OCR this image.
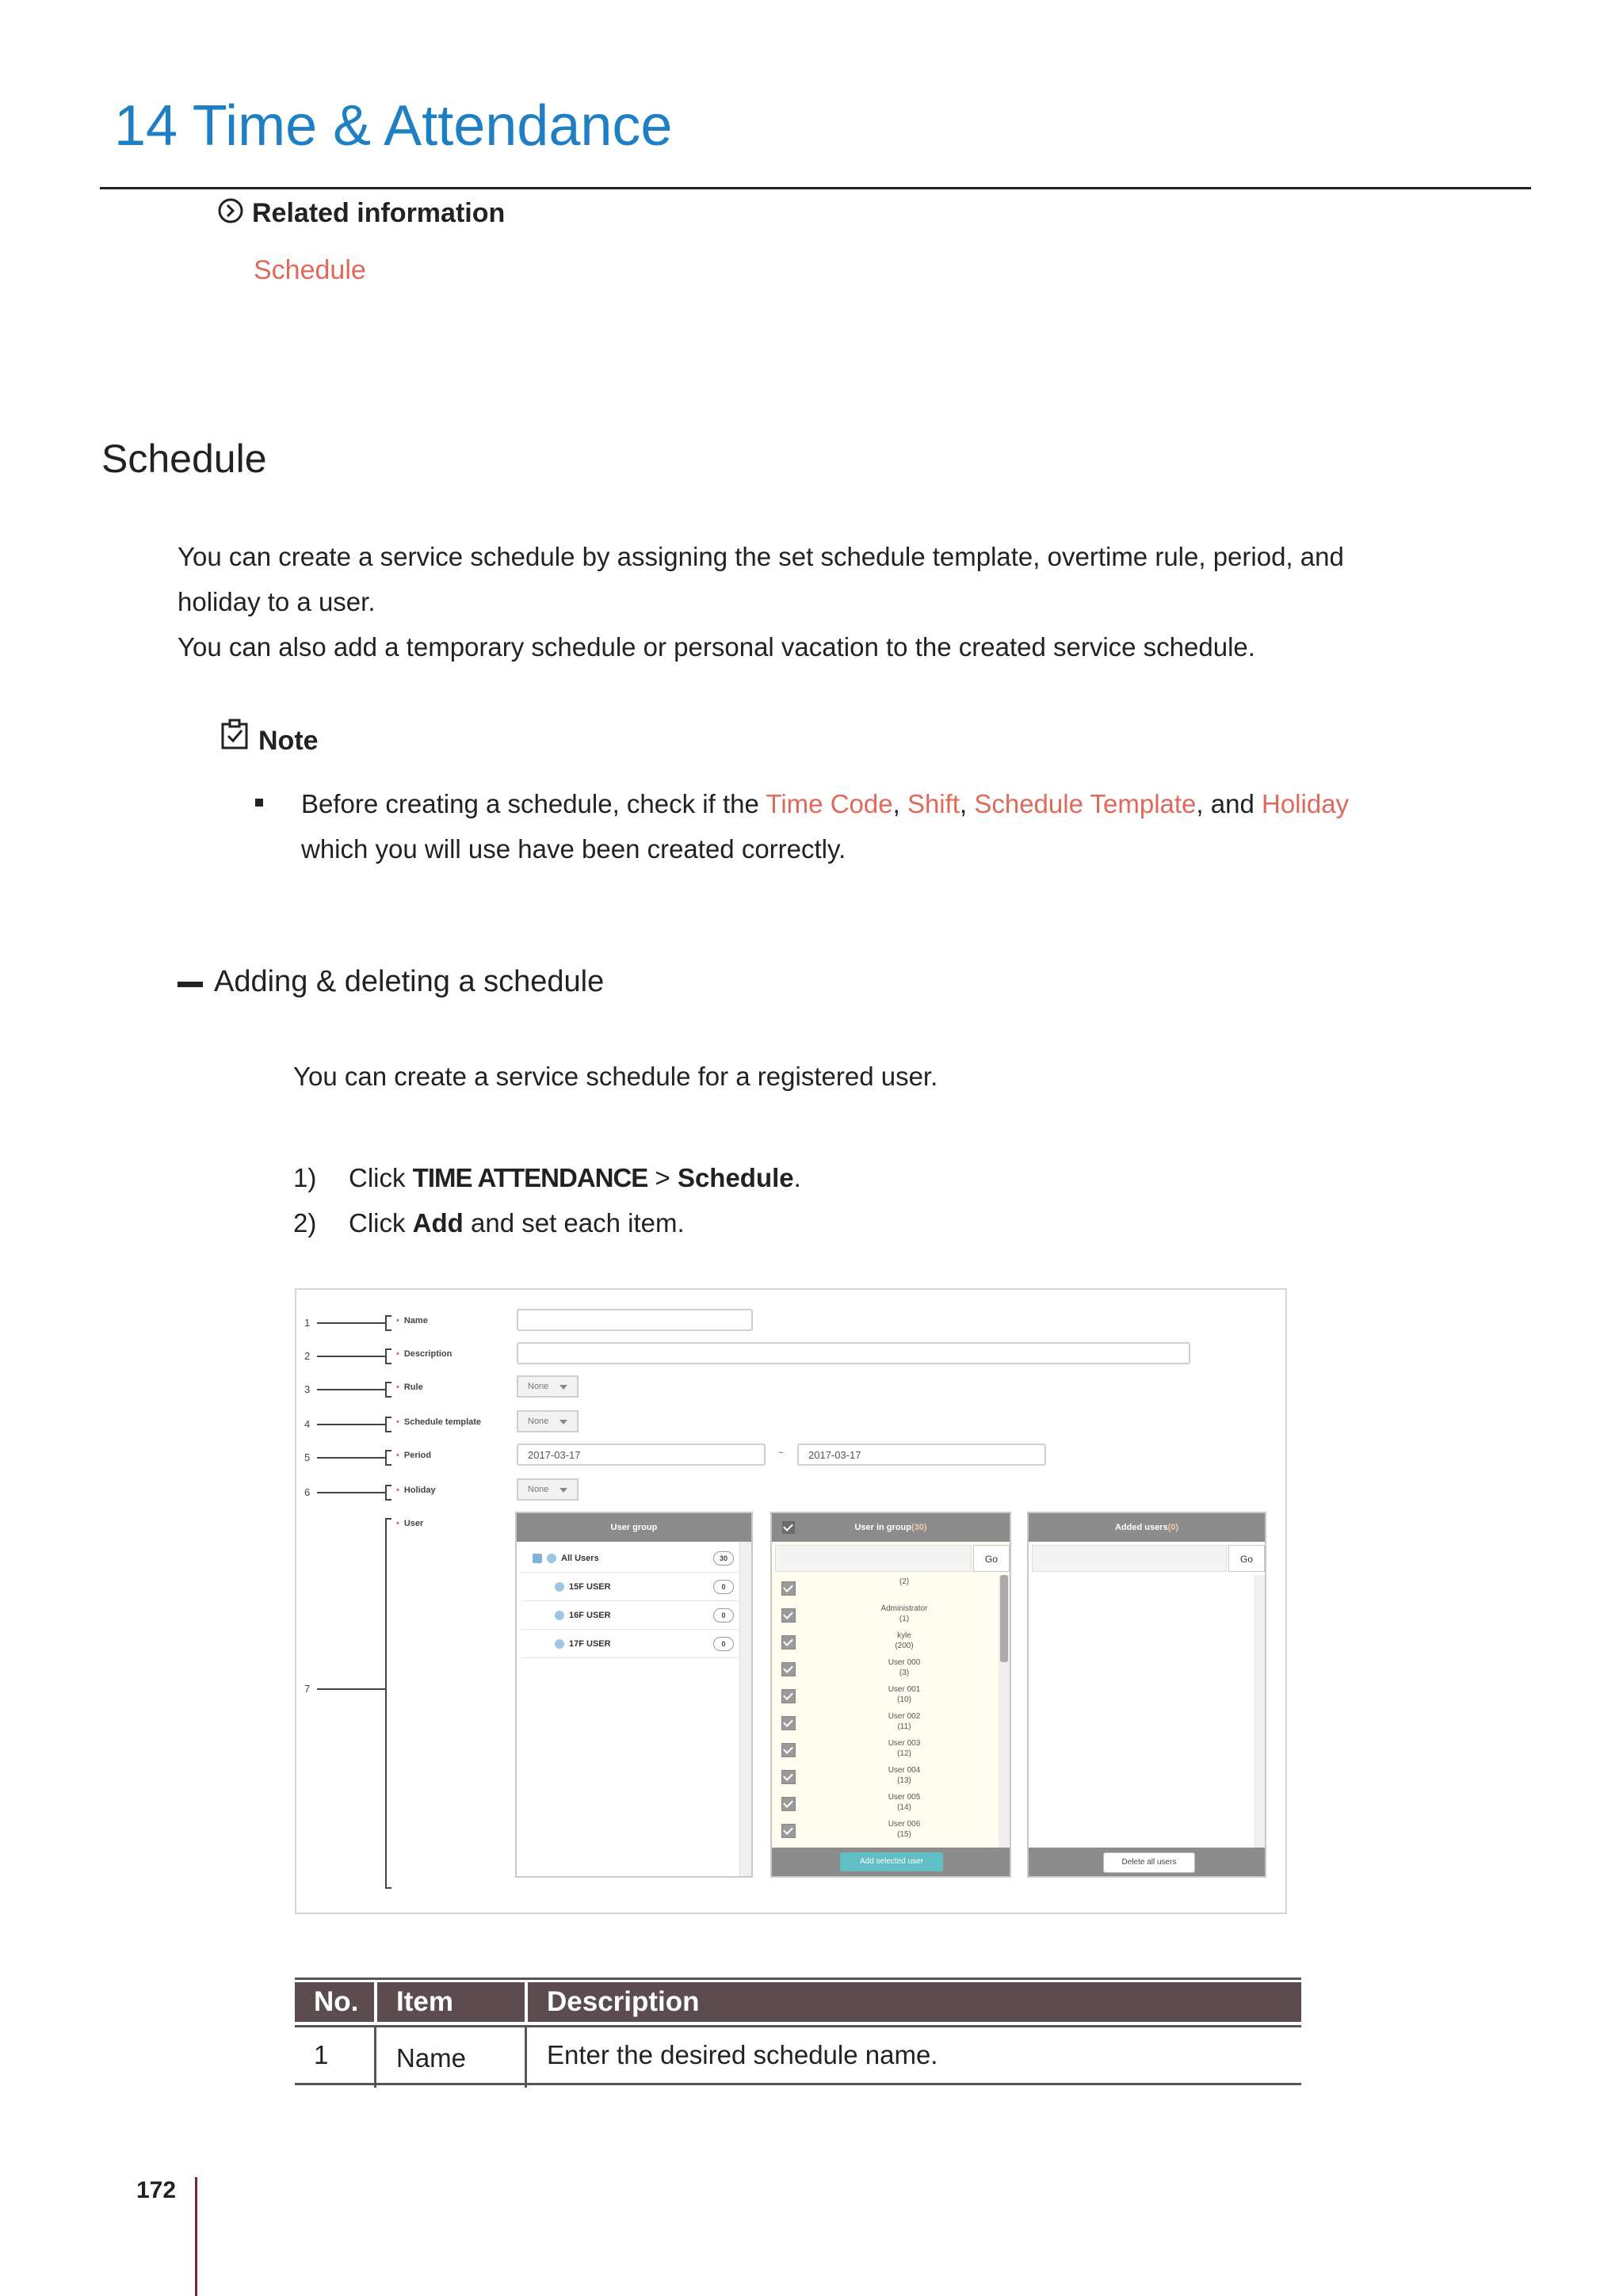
14 Time & Attendance
Related information
Schedule
Schedule
You can create a service schedule by assigning the set schedule template, overtime rule, period, and
holiday to a user.
You can also add a temporary schedule or personal vacation to the created service schedule.
Note
Before creating a schedule, check if the Time Code, Shift, Schedule Template, and Holiday
which you will use have been created correctly.
Adding & deleting a schedule
You can create a service schedule for a registered user.
1) Click TIME ATTENDANCE > Schedule.
2) Click Add and set each item.
1
2
3
4
5
6
7
• Name
• Description
• Rule
• Schedule template
• Period
• Holiday
• User
None
None
2017-03-17	~	2017-03-17
None
User group
All Users	30
15F USER	0
16F USER	0
17F USER	0
User in group(30)
Go
(2)
Administrator
(1)
kyle
(200)
User 000
(3)
User 001
(10)
User 002
(11)
User 003
(12)
User 004
(13)
User 005
(14)
User 006
(15)
Add selected user
Added users(0)
Go
Delete all users
No.	Item	Description
1	Name	Enter the desired schedule name.
172
